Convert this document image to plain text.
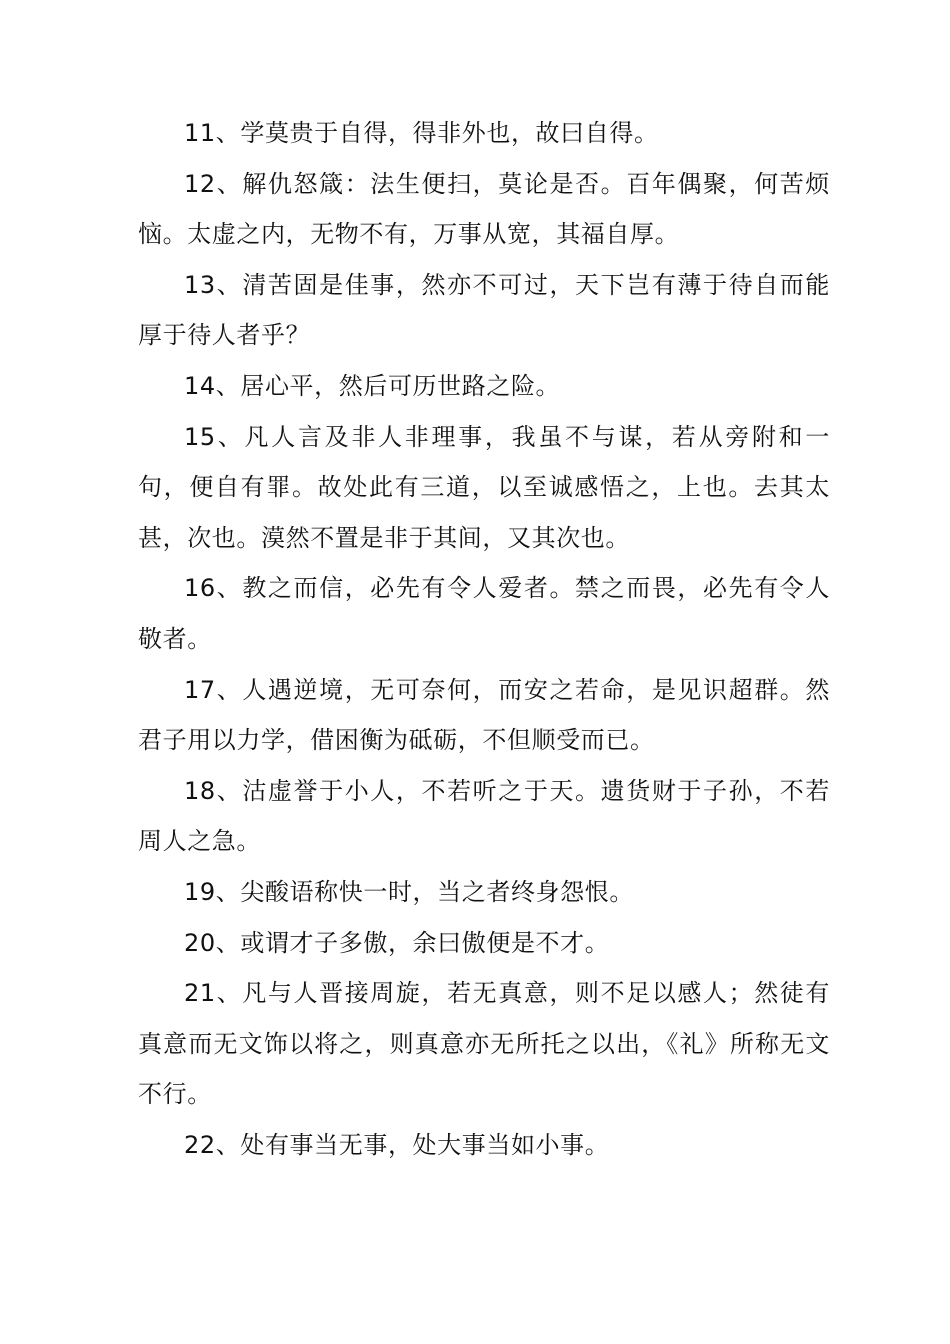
11、学莫贵于自得，得非外也，故曰自得。

12、解仇怒箴：法生便扫，莫论是否。百年偶聚，何苦烦恼。太虚之内，无物不有，万事从宽，其福自厚。

13、清苦固是佳事，然亦不可过，天下岂有薄于待自而能厚于待人者乎？

14、居心平，然后可历世路之险。

15、凡人言及非人非理事，我虽不与谋，若从旁附和一句，便自有罪。故处此有三道，以至诚感悟之，上也。去其太甚，次也。漠然不置是非于其间，又其次也。

16、教之而信，必先有令人爱者。禁之而畏，必先有令人敬者。

17、人遇逆境，无可奈何，而安之若命，是见识超群。然君子用以力学，借困衡为砥砺，不但顺受而已。

18、沽虚誉于小人，不若听之于天。遗货财于子孙，不若周人之急。

19、尖酸语称快一时，当之者终身怨恨。

20、或谓才子多傲，余曰傲便是不才。

21、凡与人晋接周旋，若无真意，则不足以感人；然徒有真意而无文饰以将之，则真意亦无所托之以出，《礼》所称无文不行。

22、处有事当无事，处大事当如小事。
